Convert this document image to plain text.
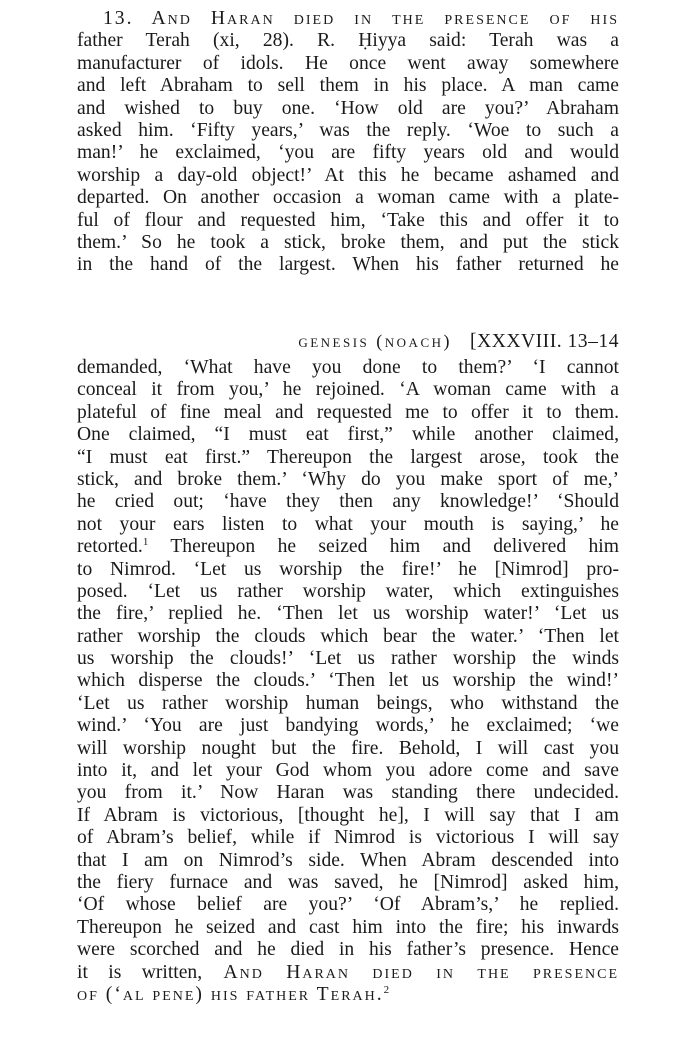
13. And Haran died in the presence of his
father Terah (xi, 28). R. Ḥiyya said: Terah was a
manufacturer of idols. He once went away somewhere
and left Abraham to sell them in his place. A man came
and wished to buy one. ‘How old are you?’ Abraham
asked him. ‘Fifty years,’ was the reply. ‘Woe to such a
man!’ he exclaimed, ‘you are fifty years old and would
worship a day-old object!’ At this he became ashamed and
departed. On another occasion a woman came with a plate-
ful of flour and requested him, ‘Take this and offer it to
them.’ So he took a stick, broke them, and put the stick
in the hand of the largest. When his father returned he
genesis (noach) [XXXVIII. 13–14
demanded, ‘What have you done to them?’ ‘I cannot
conceal it from you,’ he rejoined. ‘A woman came with a
plateful of fine meal and requested me to offer it to them.
One claimed, “I must eat first,” while another claimed,
“I must eat first.” Thereupon the largest arose, took the
stick, and broke them.’ ‘Why do you make sport of me,’
he cried out; ‘have they then any knowledge!’ ‘Should
not your ears listen to what your mouth is saying,’ he
retorted.$^1$ Thereupon he seized him and delivered him
to Nimrod. ‘Let us worship the fire!’ he [Nimrod] pro-
posed. ‘Let us rather worship water, which extinguishes
the fire,’ replied he. ‘Then let us worship water!’ ‘Let us
rather worship the clouds which bear the water.’ ‘Then let
us worship the clouds!’ ‘Let us rather worship the winds
which disperse the clouds.’ ‘Then let us worship the wind!’
‘Let us rather worship human beings, who withstand the
wind.’ ‘You are just bandying words,’ he exclaimed; ‘we
will worship nought but the fire. Behold, I will cast you
into it, and let your God whom you adore come and save
you from it.’ Now Haran was standing there undecided.
If Abram is victorious, [thought he], I will say that I am
of Abram’s belief, while if Nimrod is victorious I will say
that I am on Nimrod’s side. When Abram descended into
the fiery furnace and was saved, he [Nimrod] asked him,
‘Of whose belief are you?’ ‘Of Abram’s,’ he replied.
Thereupon he seized and cast him into the fire; his inwards
were scorched and he died in his father’s presence. Hence
it is written, And Haran died in the presence
of (‘al pene) his father Terah.$^2$
